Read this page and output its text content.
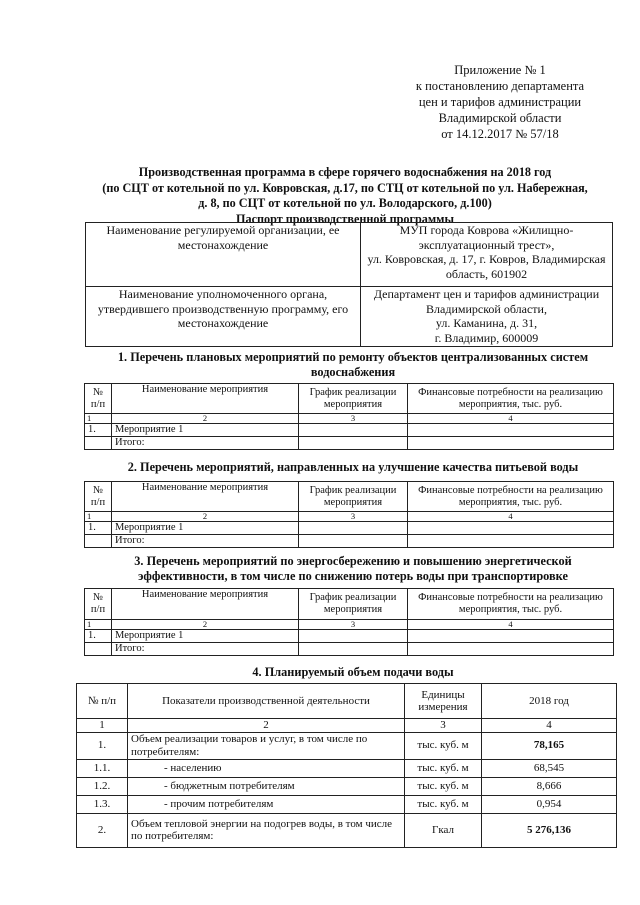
Приложение № 1
к постановлению департамента
цен и тарифов администрации
Владимирской области
от 14.12.2017 № 57/18
Производственная программа в сфере горячего водоснабжения на 2018 год
(по СЦТ от котельной по ул. Ковровская, д.17, по СТЦ от котельной по ул. Набережная,
д. 8, по СЦТ от котельной по ул. Володарского, д.100)
Паспорт производственной программы
Наименование регулируемой организации, ее местонахождение	МУП города Коврова «Жилищно-эксплуатационный трест»,
ул. Ковровская, д. 17, г. Ковров, Владимирская область, 601902

Наименование уполномоченного органа, утвердившего производственную программу, его местонахождение	Департамент цен и тарифов администрации Владимирской области,
ул. Каманина, д. 31,
г. Владимир, 600009
1. Перечень плановых мероприятий по ремонту объектов централизованных систем
водоснабжения
№ п/п	Наименование мероприятия	График реализации мероприятия	Финансовые потребности на реализацию мероприятия, тыс. руб.
1	2	3	4
1.	Мероприятие 1		
	Итого:		
2. Перечень мероприятий, направленных на улучшение качества питьевой воды
№ п/п	Наименование мероприятия	График реализации мероприятия	Финансовые потребности на реализацию мероприятия, тыс. руб.
1	2	3	4
1.	Мероприятие 1		
	Итого:		
3. Перечень мероприятий по энергосбережению и повышению энергетической
эффективности, в том числе по снижению потерь воды при транспортировке
№ п/п	Наименование мероприятия	График реализации мероприятия	Финансовые потребности на реализацию мероприятия, тыс. руб.
1	2	3	4
1.	Мероприятие 1		
	Итого:		
4. Планируемый объем подачи воды
№ п/п	Показатели производственной деятельности	Единицы измерения	2018 год
1	2	3	4
1.	Объем реализации товаров и услуг, в том числе по потребителям:	тыс. куб. м	78,165
1.1.	- населению	тыс. куб. м	68,545
1.2.	- бюджетным потребителям	тыс. куб. м	8,666
1.3.	- прочим потребителям	тыс. куб. м	0,954
2.	Объем тепловой энергии на подогрев воды, в том числе по потребителям:	Гкал	5 276,136
